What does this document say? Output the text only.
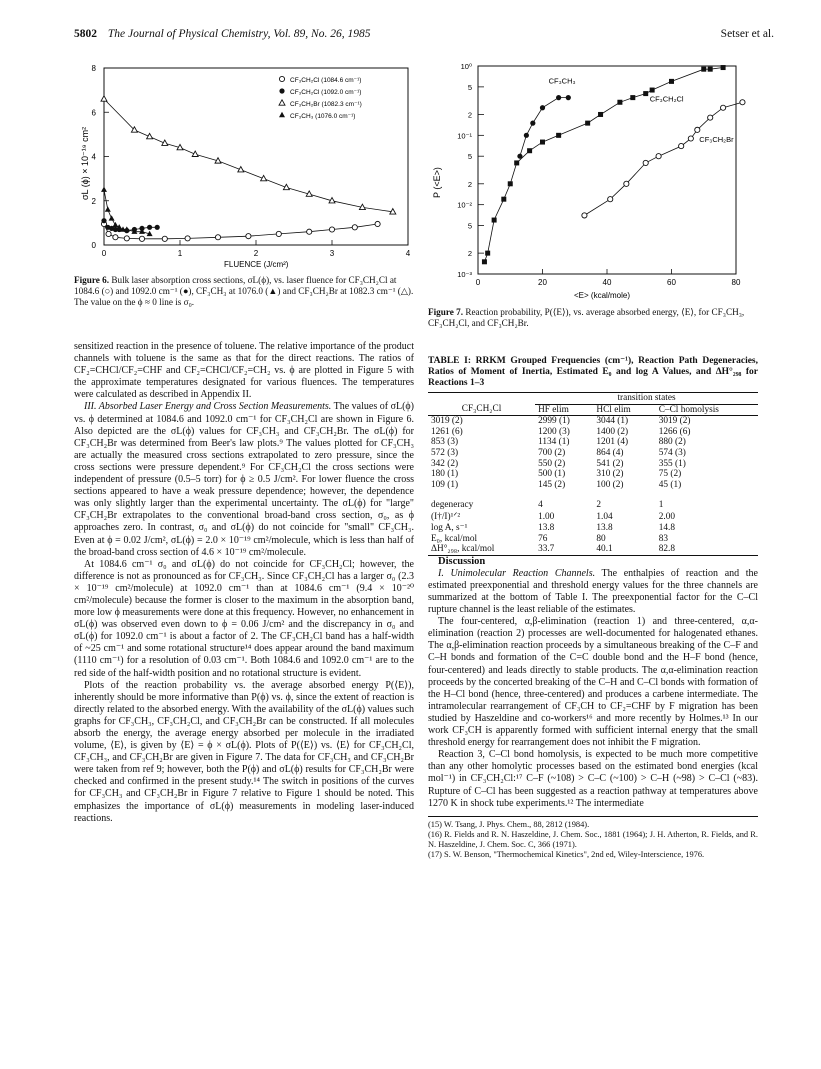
5802 The Journal of Physical Chemistry, Vol. 89, No. 26, 1985	Setser et al.
0
2
4
6
8
0	1	2	3	4
CF₃CH₂Cl (1084.6 cm⁻¹)
CF₃CH₂Cl (1092.0 cm⁻¹)
CF₃CH₂Br (1082.3 cm⁻¹)
CF₃CH₃ (1076.0 cm⁻¹)
σL (ϕ) × 10⁻¹⁹ cm²
FLUENCE (J/cm²)
Figure 6. Bulk laser absorption cross sections, σL(ϕ), vs. laser fluence for CF₃CH₂Cl at 1084.6 (○) and 1092.0 cm⁻¹ (●), CF₃CH₃ at 1076.0 (▲) and CF₃CH₂Br at 1082.3 cm⁻¹ (△). The value on the ϕ ≈ 0 line is σ₀.
10⁰
5
2
10⁻¹
5
2
10⁻²
5
2
10⁻³
0	20	40	60	80
CF₃CH₃
CF₃CH₂Cl
CF₃CH₂Br
P (<E>)
<E> (kcal/mole)
Figure 7. Reaction probability, P(⟨E⟩), vs. average absorbed energy, ⟨E⟩, for CF₃CH₃, CF₃CH₂Cl, and CF₃CH₂Br.

sensitized reaction in the presence of toluene. The relative importance of the product channels with toluene is the same as that for the direct reactions. The ratios of CF₂=CHCl/CF₂=CHF and CF₂=CHCl/CF₂=CH₂ vs. ϕ are plotted in Figure 5 with the approximate temperatures designated for various fluences. The temperatures were calculated as described in Appendix II.

III. Absorbed Laser Energy and Cross Section Measurements. The values of σL(ϕ) vs. ϕ determined at 1084.6 and 1092.0 cm⁻¹ for CF₃CH₂Cl are shown in Figure 6. Also depicted are the σL(ϕ) values for CF₃CH₃ and CF₃CH₂Br. The σL(ϕ) for CF₃CH₂Br was determined from Beer's law plots.⁹ The values plotted for CF₃CH₃ are actually the measured cross sections extrapolated to zero pressure, since the cross sections were pressure dependent.⁹ For CF₃CH₂Cl the cross sections were independent of pressure (0.5–5 torr) for ϕ ≥ 0.5 J/cm². For lower fluence the cross sections appeared to have a weak pressure dependence; however, the dependence was only slightly larger than the experimental uncertainty. The σL(ϕ) for "large" CF₃CH₂Br extrapolates to the conventional broad-band cross section, σ₀, as ϕ approaches zero. In contrast, σ₀ and σL(ϕ) do not coincide for "small" CF₃CH₃. Even at ϕ = 0.02 J/cm², σL(ϕ) = 2.0 × 10⁻¹⁹ cm²/molecule, which is less than half of the broad-band cross section of 4.6 × 10⁻¹⁹ cm²/molecule.

At 1084.6 cm⁻¹ σ₀ and σL(ϕ) do not coincide for CF₃CH₂Cl; however, the difference is not as pronounced as for CF₃CH₃. Since CF₃CH₂Cl has a larger σ₀ (2.3 × 10⁻¹⁹ cm²/molecule) at 1092.0 cm⁻¹ than at 1084.6 cm⁻¹ (9.4 × 10⁻²⁰ cm²/molecule) because the former is closer to the maximum in the absorption band, more low ϕ measurements were done at this frequency. However, no enhancement in σL(ϕ) was observed even down to ϕ = 0.06 J/cm² and the discrepancy in σ₀ and σL(ϕ) for 1092.0 cm⁻¹ is about a factor of 2. The CF₃CH₂Cl band has a half-width of ~25 cm⁻¹ and some rotational structure¹⁴ does appear around the band maximum (1110 cm⁻¹) for a resolution of 0.03 cm⁻¹. Both 1084.6 and 1092.0 cm⁻¹ are to the red side of the half-width position and no rotational structure is evident.

Plots of the reaction probability vs. the average absorbed energy P(⟨E⟩), inherently should be more informative than P(ϕ) vs. ϕ, since the extent of reaction is directly related to the absorbed energy. With the availability of the σL(ϕ) values such graphs for CF₃CH₃, CF₃CH₂Cl, and CF₃CH₂Br can be constructed. If all molecules absorb the energy, the average energy absorbed per molecule in the irradiated volume, ⟨E⟩, is given by ⟨E⟩ = ϕ × σL(ϕ). Plots of P(⟨E⟩) vs. ⟨E⟩ for CF₃CH₂Cl, CF₃CH₃, and CF₃CH₂Br are given in Figure 7. The data for CF₃CH₃ and CF₃CH₂Br were taken from ref 9; however, both the P(ϕ) and σL(ϕ) results for CF₃CH₂Br were checked and confirmed in the present study.¹⁴ The switch in positions of the curves for CF₃CH₃ and CF₃CH₂Br in Figure 7 relative to Figure 1 should be noted. This emphasizes the importance of σL(ϕ) measurements in modeling laser-induced reactions.

TABLE I: RRKM Grouped Frequencies (cm⁻¹), Reaction Path Degeneracies, Ratios of Moment of Inertia, Estimated E₀ and log A Values, and ΔH°₂₉₈ for Reactions 1–3
	transition states		
CF₃CH₂Cl	HF elim	HCl elim	C–Cl homolysis
3019 (2)	2999 (1)	3044 (1)	3019 (2)
1261 (6)	1200 (3)	1400 (2)	1266 (6)
853 (3)	1134 (1)	1201 (4)	880 (2)
572 (3)	700 (2)	864 (4)	574 (3)
342 (2)	550 (2)	541 (2)	355 (1)
180 (1)	500 (1)	310 (2)	75 (2)
109 (1)	145 (2)	100 (2)	45 (1)
degeneracy	4	2	1
(I†/I)¹ᐟ²	1.00	1.04	2.00
log A, s⁻¹	13.8	13.8	14.8
E₀, kcal/mol	76	80	83
ΔH°₂₉₈, kcal/mol	33.7	40.1	82.8

Discussion

I. Unimolecular Reaction Channels. The enthalpies of reaction and the estimated preexponential and threshold energy values for the three channels are summarized at the bottom of Table I. The preexponential factor for the C–Cl rupture channel is the least reliable of the estimates.

The four-centered, α,β-elimination (reaction 1) and three-centered, α,α-elimination (reaction 2) processes are well-documented for halogenated ethanes. The α,β-elimination reaction proceeds by a simultaneous breaking of the C–F and C–H bonds and formation of the C=C double bond and the H–F bond (hence, four-centered) and leads directly to stable products. The α,α-elimination reaction proceeds by the concerted breaking of the C–H and C–Cl bonds with formation of the H–Cl bond (hence, three-centered) and produces a carbene intermediate. The intramolecular rearrangement of CF₃CH to CF₂=CHF by F migration has been studied by Haszeldine and co-workers¹⁶ and more recently by Holmes.¹³ In our work CF₃CH is apparently formed with sufficient internal energy that the small threshold energy for rearrangement does not inhibit the F migration.

Reaction 3, C–Cl bond homolysis, is expected to be much more competitive than any other homolytic processes based on the estimated bond energies (kcal mol⁻¹) in CF₃CH₂Cl:¹⁷ C–F (~108) > C–C (~100) > C–H (~98) > C–Cl (~83). Rupture of C–Cl has been suggested as a reaction pathway at temperatures above 1270 K in shock tube experiments.¹² The intermediate

(15) W. Tsang, J. Phys. Chem., 88, 2812 (1984).

(16) R. Fields and R. N. Haszeldine, J. Chem. Soc., 1881 (1964); J. H. Atherton, R. Fields, and R. N. Haszeldine, J. Chem. Soc. C, 366 (1971).

(17) S. W. Benson, "Thermochemical Kinetics", 2nd ed, Wiley-Interscience, 1976.
